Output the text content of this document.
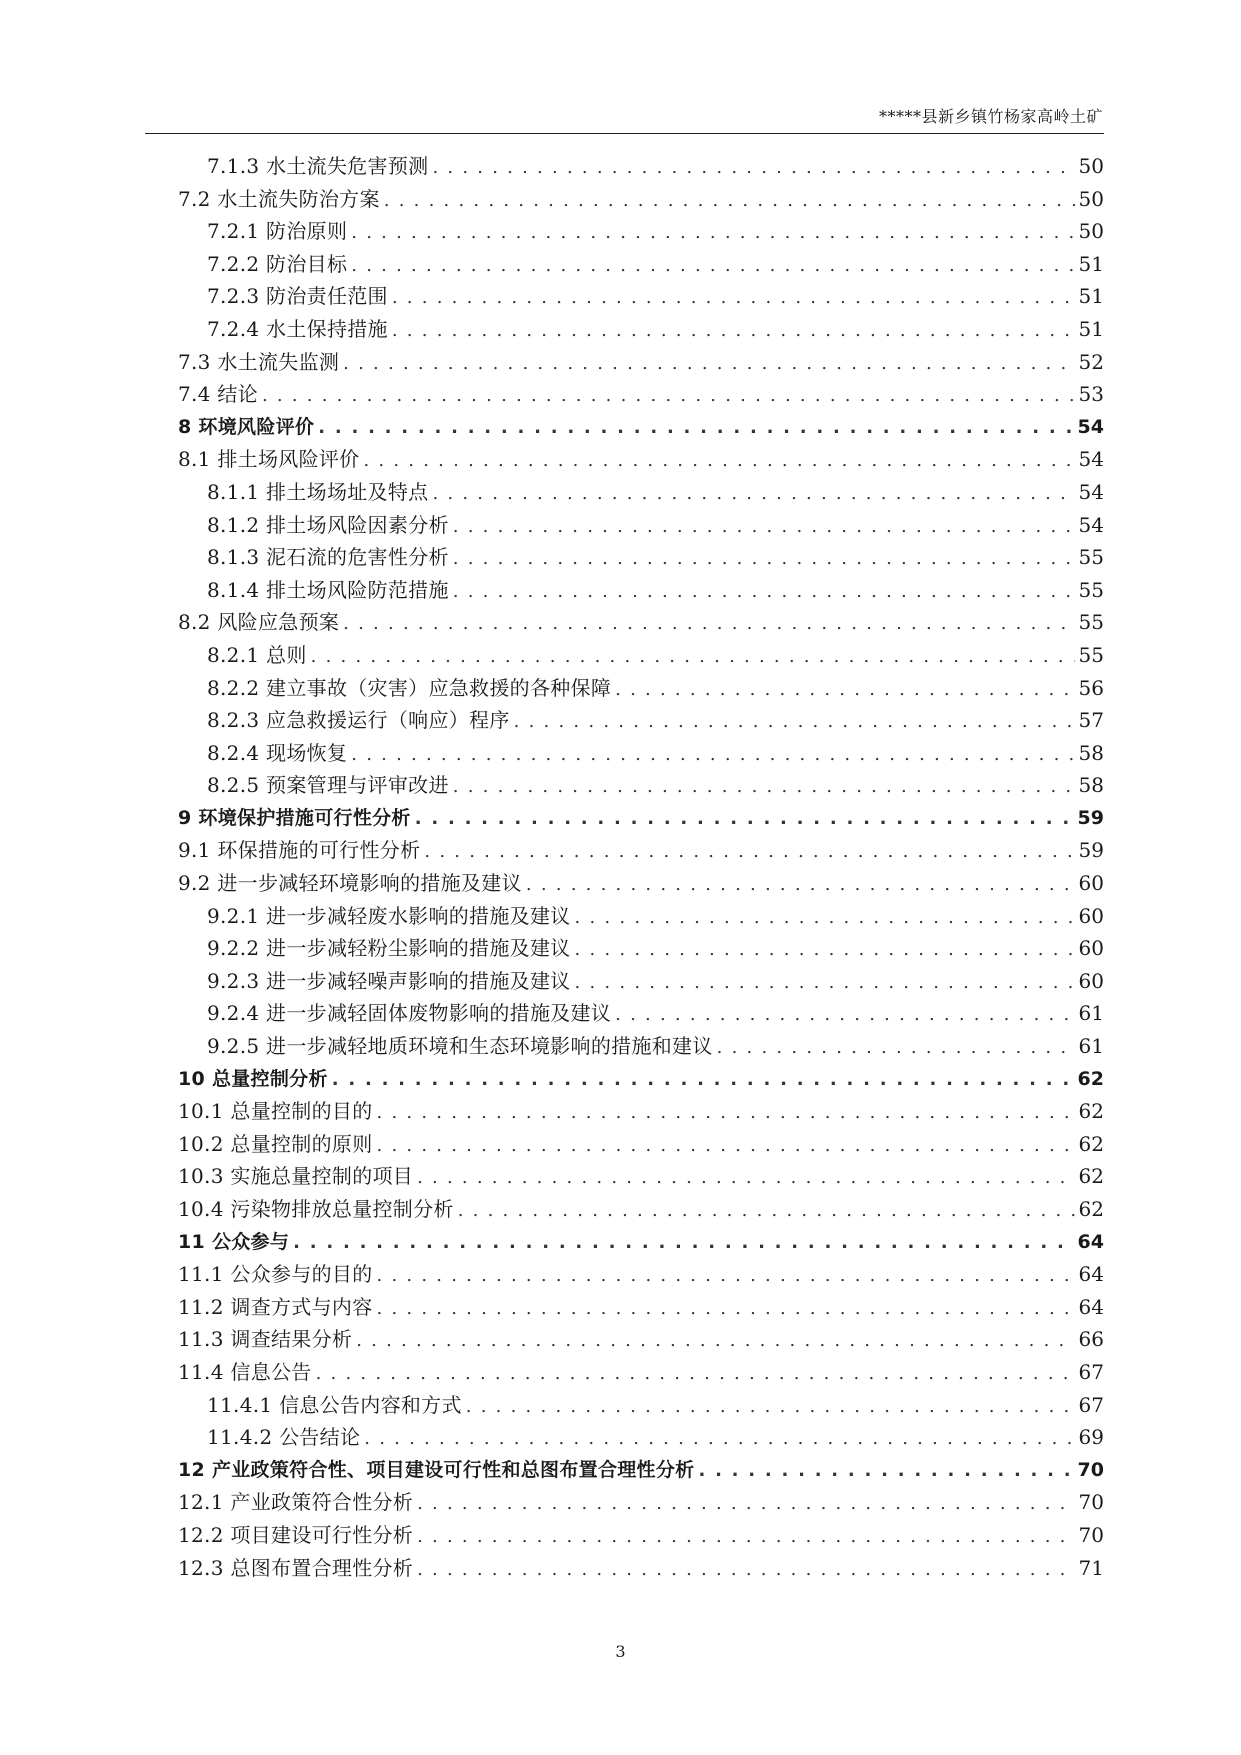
*****县新乡镇竹杨家高岭土矿
7.1.3 水土流失危害预测 . . .	50
7.2 水土流失防治方案 . . .	50
7.2.1 防治原则 . . .	50
7.2.2 防治目标 . . .	51
7.2.3 防治责任范围 . . .	51
7.2.4 水土保持措施 . . .	51
7.3 水土流失监测 . . .	52
7.4 结论 . . .	53
8 环境风险评价 . . .	54
8.1 排土场风险评价 . . .	54
8.1.1 排土场场址及特点 . . .	54
8.1.2 排土场风险因素分析 . . .	54
8.1.3 泥石流的危害性分析 . . .	55
8.1.4 排土场风险防范措施 . . .	55
8.2 风险应急预案 . . .	55
8.2.1 总则 . . .	55
8.2.2 建立事故（灾害）应急救援的各种保障 . . .	56
8.2.3 应急救援运行（响应）程序 . . .	57
8.2.4 现场恢复 . . .	58
8.2.5 预案管理与评审改进 . . .	58
9 环境保护措施可行性分析 . . .	59
9.1 环保措施的可行性分析 . . .	59
9.2 进一步减轻环境影响的措施及建议 . . .	60
9.2.1 进一步减轻废水影响的措施及建议 . . .	60
9.2.2 进一步减轻粉尘影响的措施及建议 . . .	60
9.2.3 进一步减轻噪声影响的措施及建议 . . .	60
9.2.4 进一步减轻固体废物影响的措施及建议 . . .	61
9.2.5 进一步减轻地质环境和生态环境影响的措施和建议 . . .	61
10 总量控制分析 . . .	62
10.1 总量控制的目的 . . .	62
10.2 总量控制的原则 . . .	62
10.3 实施总量控制的项目 . . .	62
10.4 污染物排放总量控制分析 . . .	62
11 公众参与 . . .	64
11.1 公众参与的目的 . . .	64
11.2 调查方式与内容 . . .	64
11.3 调查结果分析 . . .	66
11.4 信息公告 . . .	67
11.4.1 信息公告内容和方式 . . .	67
11.4.2 公告结论 . . .	69
12 产业政策符合性、项目建设可行性和总图布置合理性分析 . . .	70
12.1 产业政策符合性分析 . . .	70
12.2 项目建设可行性分析 . . .	70
12.3 总图布置合理性分析 . . .	71
3
